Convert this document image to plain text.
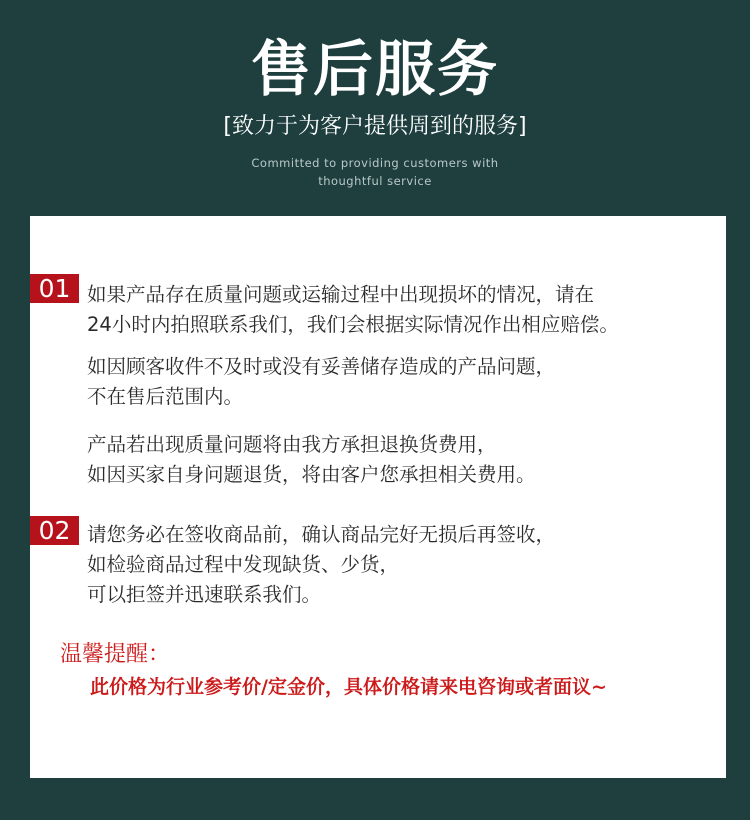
售后服务
[致力于为客户提供周到的服务]
Committed to providing customers with
thoughtful service
01 如果产品存在质量问题或运输过程中出现损坏的情况，请在
24小时内拍照联系我们，我们会根据实际情况作出相应赔偿。
如因顾客收件不及时或没有妥善储存造成的产品问题，
不在售后范围内。
产品若出现质量问题将由我方承担退换货费用，
如因买家自身问题退货，将由客户您承担相关费用。
02 请您务必在签收商品前，确认商品完好无损后再签收，
如检验商品过程中发现缺货、少货，
可以拒签并迅速联系我们。
温馨提醒：
此价格为行业参考价/定金价，具体价格请来电咨询或者面议~
